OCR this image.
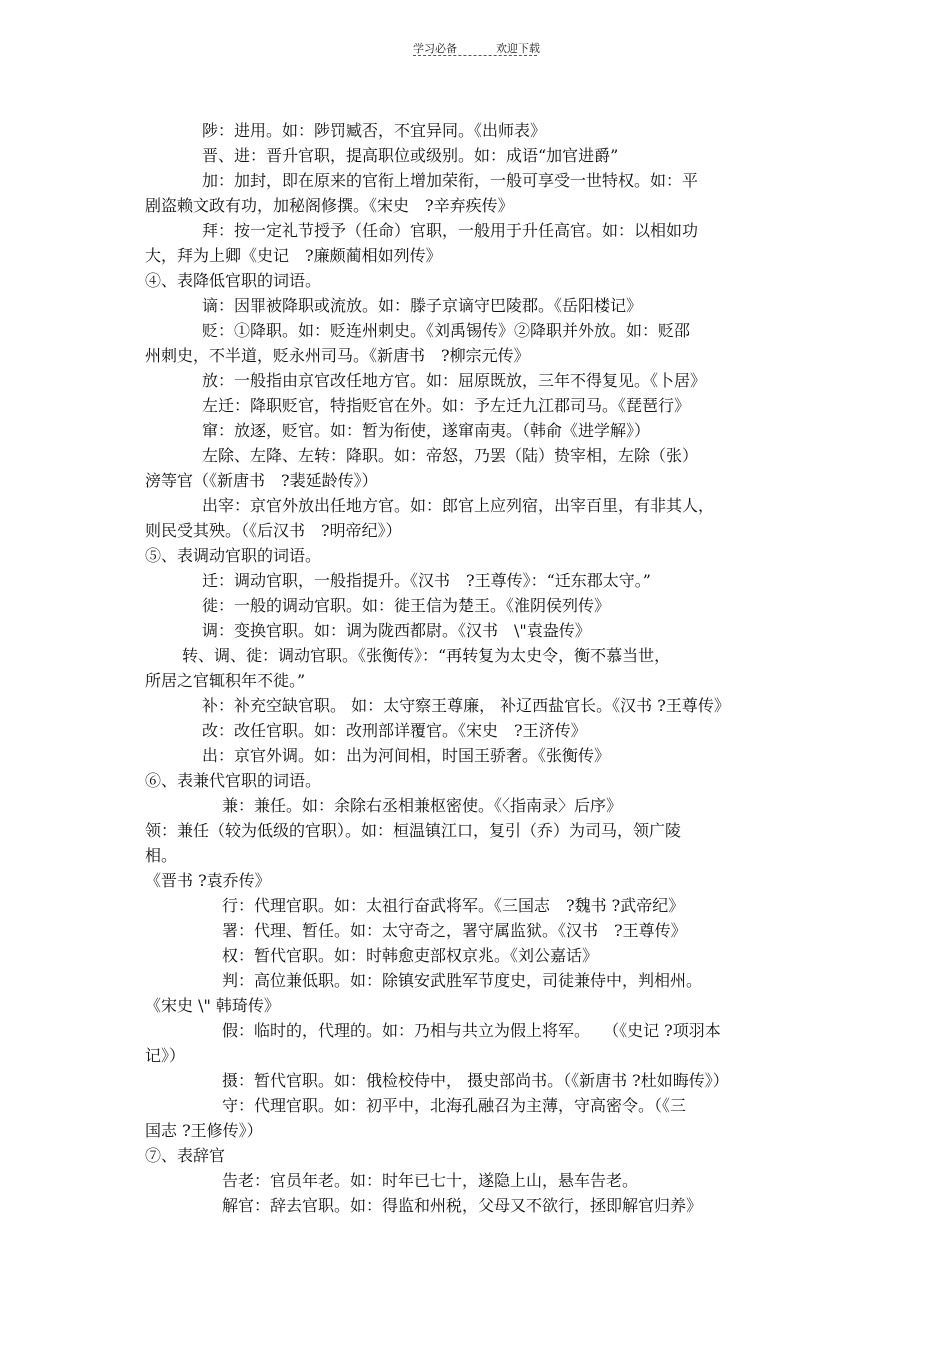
学习必备	欢迎下载
陟：进用。如：陟罚臧否，不宜异同。《出师表》
晋、进：晋升官职，提高职位或级别。如：成语“加官进爵”
加：加封，即在原来的官衔上增加荣衔，一般可享受一世特权。如：平
剧盗赖文政有功，加秘阁修撰。《宋史　?辛弃疾传》
拜：按一定礼节授予（任命）官职，一般用于升任高官。如：以相如功
大，拜为上卿《史记　?廉颇蔺相如列传》
④、表降低官职的词语。
谪：因罪被降职或流放。如：滕子京谪守巴陵郡。《岳阳楼记》
贬：①降职。如：贬连州刺史。《刘禹锡传》②降职并外放。如：贬邵
州刺史，不半道，贬永州司马。《新唐书　?柳宗元传》
放：一般指由京官改任地方官。如：屈原既放，三年不得复见。《卜居》
左迁：降职贬官，特指贬官在外。如：予左迁九江郡司马。《琵琶行》
窜：放逐，贬官。如：暂为衔使，遂窜南夷。（韩俞《进学解》）
左除、左降、左转：降职。如：帝怒，乃罢（陆）贽宰相，左除（张）
滂等官（《新唐书　?裴延龄传》）
出宰：京官外放出任地方官。如：郎官上应列宿，出宰百里，有非其人，
则民受其殃。（《后汉书　?明帝纪》）
⑤、表调动官职的词语。
迁：调动官职，一般指提升。《汉书　?王尊传》：“迁东郡太守。”
徙：一般的调动官职。如：徙王信为楚王。《淮阴侯列传》
调：变换官职。如：调为陇西都尉。《汉书　\"袁盎传》
转、调、徙：调动官职。《张衡传》：“再转复为太史令，衡不慕当世，
所居之官辄积年不徙。”
补：补充空缺官职。 如：太守察王尊廉， 补辽西盐官长。《汉书 ?王尊传》
改：改任官职。如：改刑部详覆官。《宋史　?王济传》
出：京官外调。如：出为河间相，时国王骄奢。《张衡传》
⑥、表兼代官职的词语。
兼：兼任。如：余除右丞相兼枢密使。《〈指南录〉后序》
领：兼任（较为低级的官职）。如：桓温镇江口，复引（乔）为司马，领广陵
相。
《晋书 ?袁乔传》
行：代理官职。如：太祖行奋武将军。《三国志　?魏书 ?武帝纪》
署：代理、暂任。如：太守奇之，署守属监狱。《汉书　?王尊传》
权：暂代官职。如：时韩愈吏部权京兆。《刘公嘉话》
判：高位兼低职。如：除镇安武胜军节度史，司徒兼侍中，判相州。
《宋史 \" 韩琦传》
假：临时的，代理的。如：乃相与共立为假上将军。　 （《史记 ?项羽本
记》）
摄：暂代官职。如：俄检校侍中， 摄史部尚书。（《新唐书 ?杜如晦传》）
守：代理官职。如：初平中，北海孔融召为主薄，守高密令。（《三
国志 ?王修传》）
⑦、表辞官
告老：官员年老。如：时年已七十，遂隐上山，悬车告老。
解官：辞去官职。如：得监和州税，父母又不欲行，拯即解官归养》
